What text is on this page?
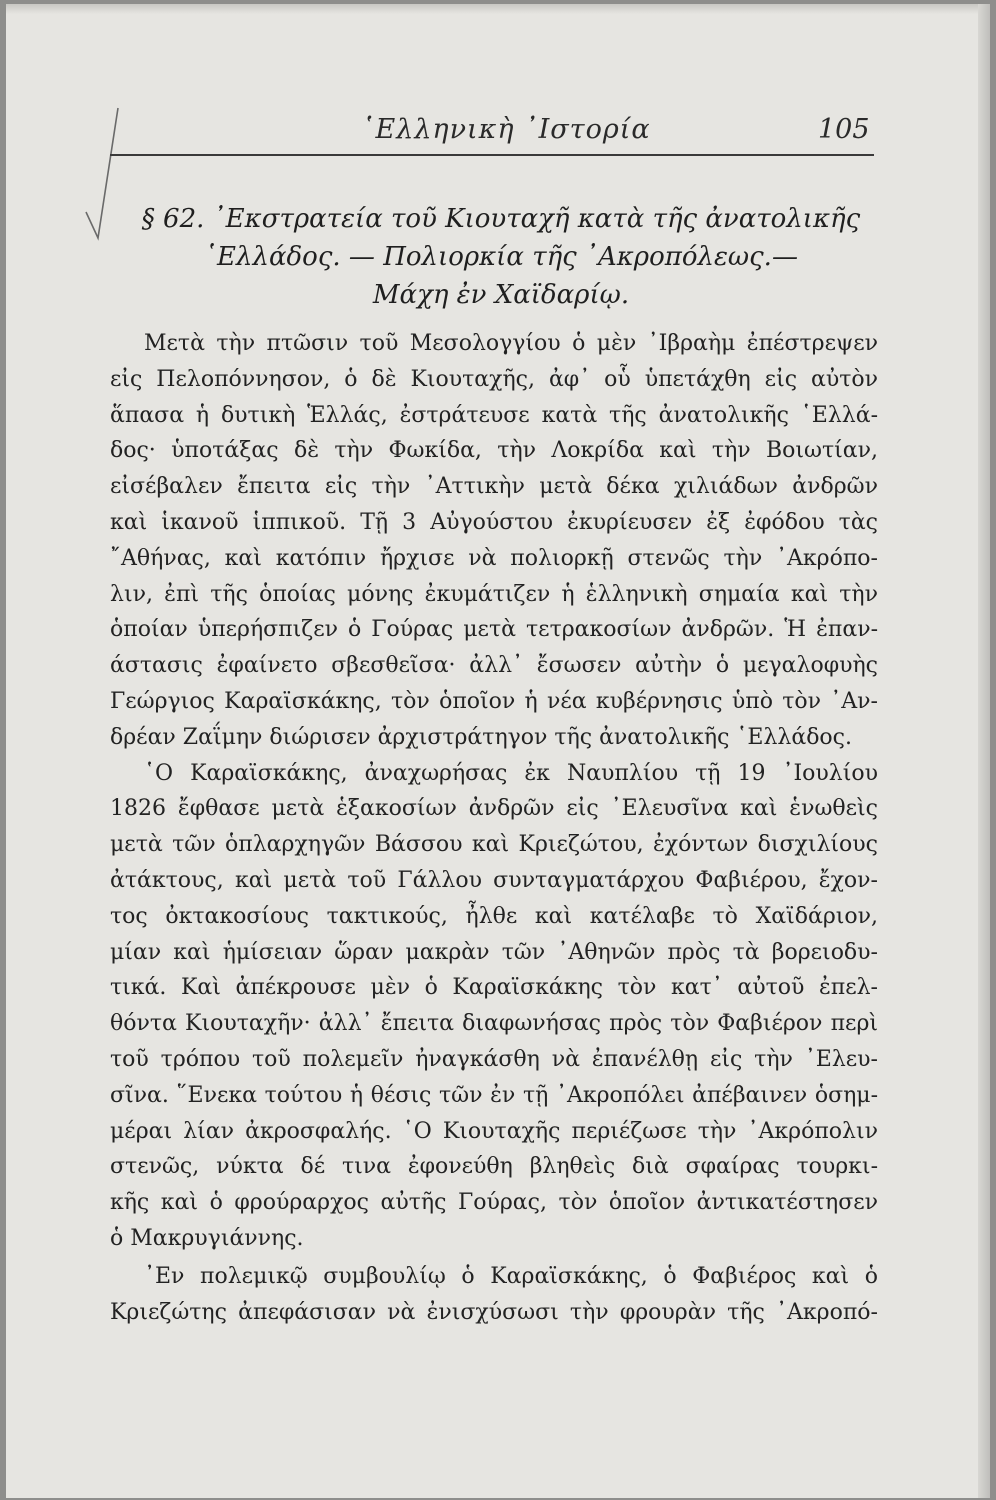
῾Ελληνικὴ ᾿Ιστορία	105
§ 62. ᾿Εκστρατεία τοῦ Κιουταχῆ κατὰ τῆς ἀνατολικῆς
῾Ελλάδος. — Πολιορκία τῆς ᾿Ακροπόλεως.—
Μάχη ἐν Χαϊδαρίῳ.
Μετὰ τὴν πτῶσιν τοῦ Μεσολογγίου ὁ μὲν ᾿Ιβραὴμ ἐπέστρεψεν
εἰς Πελοπόννησον, ὁ δὲ Κιουταχῆς, ἀφ᾿ οὗ ὑπετάχθη εἰς αὐτὸν
ἅπασα ἡ δυτικὴ Ἑλλάς, ἐστράτευσε κατὰ τῆς ἀνατολικῆς ῾Ελλά-
δος· ὑποτάξας δὲ τὴν Φωκίδα, τὴν Λοκρίδα καὶ τὴν Βοιωτίαν,
εἰσέβαλεν ἔπειτα εἰς τὴν ᾿Αττικὴν μετὰ δέκα χιλιάδων ἀνδρῶν
καὶ ἱκανοῦ ἱππικοῦ. Τῇ 3 Αὐγούστου ἐκυρίευσεν ἐξ ἐφόδου τὰς
῎Αθήνας, καὶ κατόπιν ἤρχισε νὰ πολιορκῇ στενῶς τὴν ᾿Ακρόπο-
λιν, ἐπὶ τῆς ὁποίας μόνης ἐκυμάτιζεν ἡ ἑλληνικὴ σημαία καὶ τὴν
ὁποίαν ὑπερήσπιζεν ὁ Γούρας μετὰ τετρακοσίων ἀνδρῶν. Ἡ ἐπαν-
άστασις ἐφαίνετο σβεσθεῖσα· ἀλλ᾿ ἔσωσεν αὐτὴν ὁ μεγαλοφυὴς
Γεώργιος Καραϊσκάκης, τὸν ὁποῖον ἡ νέα κυβέρνησις ὑπὸ τὸν ᾿Αν-
δρέαν Ζαΐμην διώρισεν ἀρχιστράτηγον τῆς ἀνατολικῆς ῾Ελλάδος.
῾Ο Καραϊσκάκης, ἀναχωρήσας ἐκ Ναυπλίου τῇ 19 ᾿Ιουλίου
1826 ἔφθασε μετὰ ἑξακοσίων ἀνδρῶν εἰς ᾿Ελευσῖνα καὶ ἑνωθεὶς
μετὰ τῶν ὁπλαρχηγῶν Βάσσου καὶ Κριεζώτου, ἐχόντων δισχιλίους
ἀτάκτους, καὶ μετὰ τοῦ Γάλλου συνταγματάρχου Φαβιέρου, ἔχον-
τος ὀκτακοσίους τακτικούς, ἦλθε καὶ κατέλαβε τὸ Χαϊδάριον,
μίαν καὶ ἡμίσειαν ὥραν μακρὰν τῶν ᾿Αθηνῶν πρὸς τὰ βορειοδυ-
τικά. Καὶ ἀπέκρουσε μὲν ὁ Καραϊσκάκης τὸν κατ᾿ αὐτοῦ ἐπελ-
θόντα Κιουταχῆν· ἀλλ᾿ ἔπειτα διαφωνήσας πρὸς τὸν Φαβιέρον περὶ
τοῦ τρόπου τοῦ πολεμεῖν ἠναγκάσθη νὰ ἐπανέλθῃ εἰς τὴν ᾿Ελευ-
σῖνα. ῞Ενεκα τούτου ἡ θέσις τῶν ἐν τῇ ᾿Ακροπόλει ἀπέβαινεν ὁσημ-
μέραι λίαν ἀκροσφαλής. ῾Ο Κιουταχῆς περιέζωσε τὴν ᾿Ακρόπολιν
στενῶς, νύκτα δέ τινα ἐφονεύθη βληθεὶς διὰ σφαίρας τουρκι-
κῆς καὶ ὁ φρούραρχος αὐτῆς Γούρας, τὸν ὁποῖον ἀντικατέστησεν
ὁ Μακρυγιάννης.
᾿Εν πολεμικῷ συμβουλίῳ ὁ Καραϊσκάκης, ὁ Φαβιέρος καὶ ὁ
Κριεζώτης ἀπεφάσισαν νὰ ἐνισχύσωσι τὴν φρουρὰν τῆς ᾿Ακροπό-
